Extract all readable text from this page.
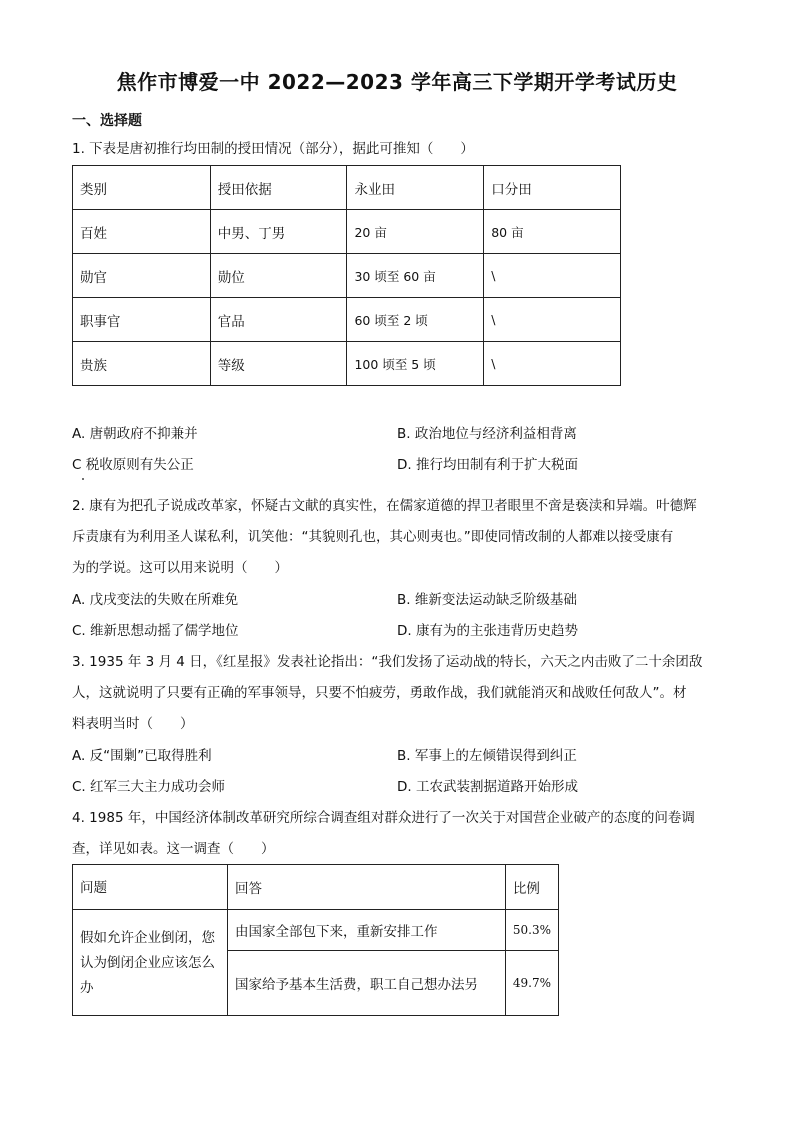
焦作市博爱一中 2022—2023 学年高三下学期开学考试历史
一、选择题
1. 下表是唐初推行均田制的授田情况（部分），据此可推知（　　）
类别	授田依据	永业田	口分田
百姓	中男、丁男	20 亩	80 亩
勋官	勋位	30 顷至 60 亩	\
职事官	官品	60 顷至 2 顷	\
贵族	等级	100 顷至 5 顷	\
A. 唐朝政府不抑兼并	B. 政治地位与经济利益相背离
C 税收原则有失公正	D. 推行均田制有利于扩大税面
2. 康有为把孔子说成改革家，怀疑古文献的真实性，在儒家道德的捍卫者眼里不啻是亵渎和异端。叶德辉
斥责康有为利用圣人谋私利，讥笑他：“其貌则孔也，其心则夷也。”即使同情改制的人都难以接受康有
为的学说。这可以用来说明（　　）
A. 戊戌变法的失败在所难免	B. 维新变法运动缺乏阶级基础
C. 维新思想动摇了儒学地位	D. 康有为的主张违背历史趋势
3. 1935 年 3 月 4 日，《红星报》发表社论指出：“我们发扬了运动战的特长，六天之内击败了二十余团敌
人，这就说明了只要有正确的军事领导，只要不怕疲劳，勇敢作战，我们就能消灭和战败任何敌人”。材
料表明当时（　　）
A. 反“围剿”已取得胜利	B. 军事上的左倾错误得到纠正
C. 红军三大主力成功会师	D. 工农武装割据道路开始形成
4. 1985 年，中国经济体制改革研究所综合调查组对群众进行了一次关于对国营企业破产的态度的问卷调
查，详见如表。这一调查（　　）
问题	回答	比例
假如允许企业倒闭，您认为倒闭企业应该怎么办	由国家全部包下来，重新安排工作	50.3%
	国家给予基本生活费，职工自己想办法另	49.7%
